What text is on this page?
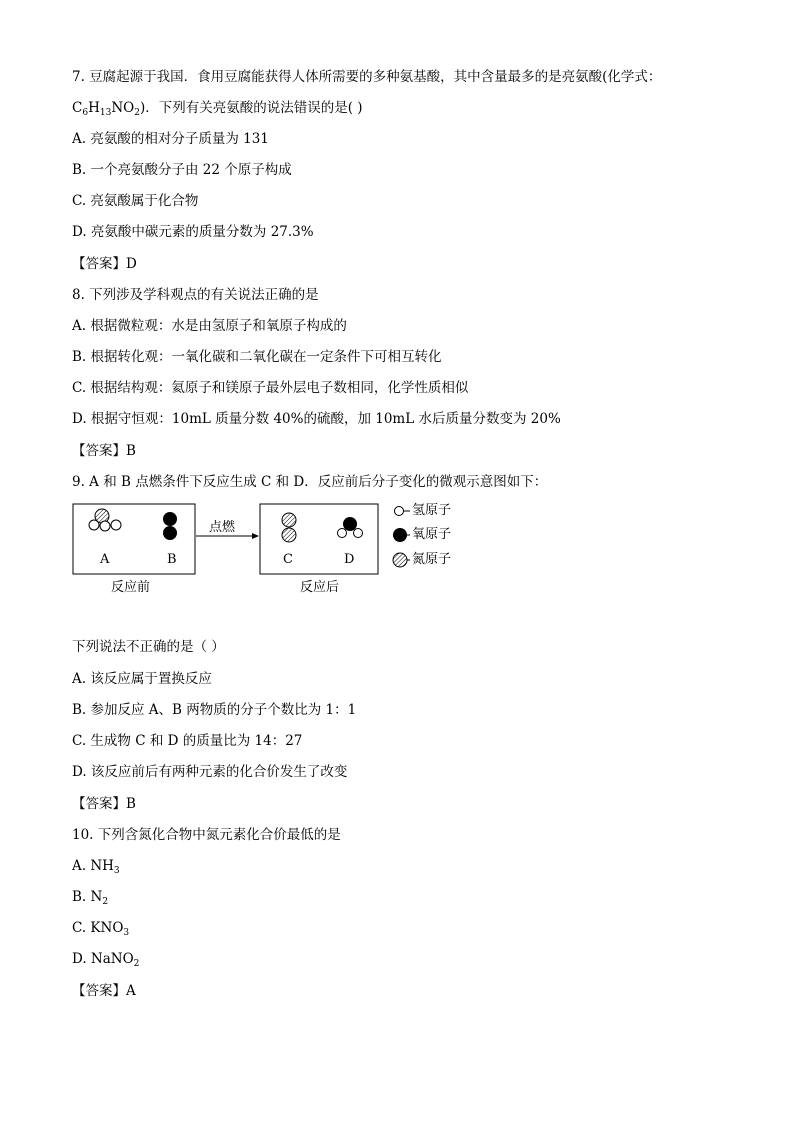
7. 豆腐起源于我国．食用豆腐能获得人体所需要的多种氨基酸，其中含量最多的是亮氨酸(化学式：
$C_6H_{13}NO_2$)．下列有关亮氨酸的说法错误的是( )
A. 亮氨酸的相对分子质量为 131
B. 一个亮氨酸分子由 22 个原子构成
C. 亮氨酸属于化合物
D. 亮氨酸中碳元素的质量分数为 27.3%
【答案】D
8. 下列涉及学科观点的有关说法正确的是
A. 根据微粒观：水是由氢原子和氧原子构成的
B. 根据转化观：一氧化碳和二氧化碳在一定条件下可相互转化
C. 根据结构观：氦原子和镁原子最外层电子数相同，化学性质相似
D. 根据守恒观：10mL 质量分数 40%的硫酸，加 10mL 水后质量分数变为 20%
【答案】B
9. A 和 B 点燃条件下反应生成 C 和 D．反应前后分子变化的微观示意图如下：
A	B
点燃
C	D
反应前	反应后
氢原子
氧原子
氮原子
下列说法不正确的是（ ）
A. 该反应属于置换反应
B. 参加反应 A、B 两物质的分子个数比为 1：1
C. 生成物 C 和 D 的质量比为 14：27
D. 该反应前后有两种元素的化合价发生了改变
【答案】B
10. 下列含氮化合物中氮元素化合价最低的是
A. $NH_3$
B. $N_2$
C. $KNO_3$
D. NaNO$_2$
【答案】A
